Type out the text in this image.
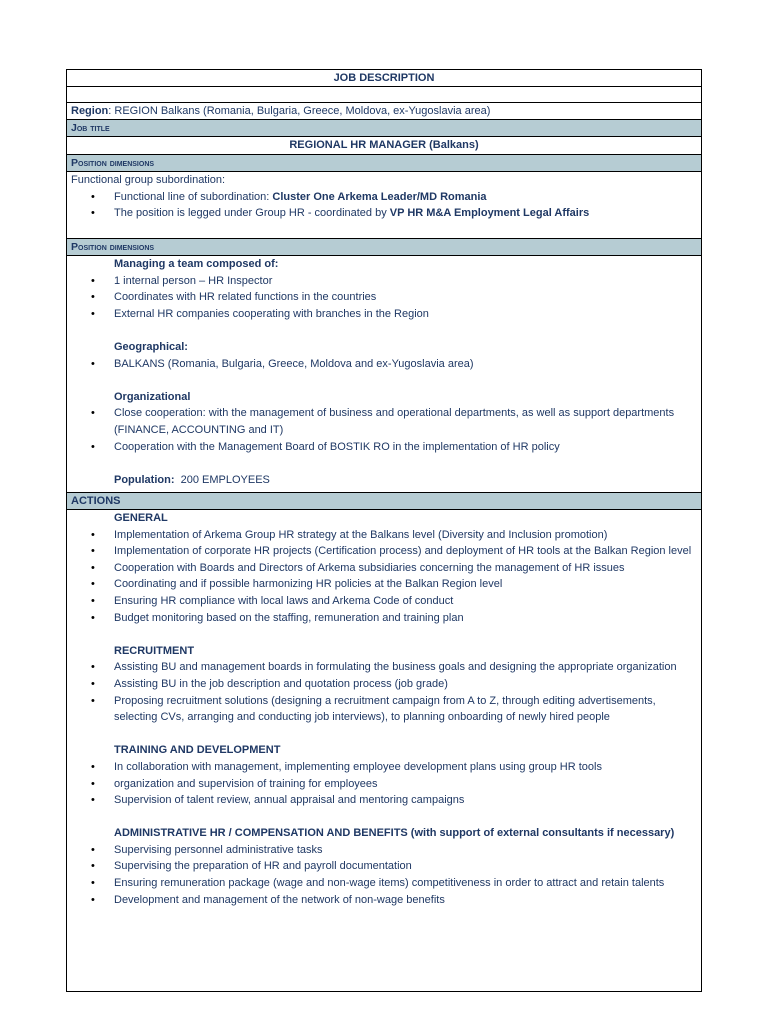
JOB DESCRIPTION
Region: REGION Balkans (Romania, Bulgaria, Greece, Moldova, ex-Yugoslavia area)
Job title
REGIONAL HR MANAGER (Balkans)
Position dimensions
Functional group subordination:
• Functional line of subordination: Cluster One Arkema Leader/MD Romania
• The position is legged under Group HR - coordinated by VP HR M&A Employment Legal Affairs
Position dimensions
Managing a team composed of:
• 1 internal person – HR Inspector
• Coordinates with HR related functions in the countries
• External HR companies cooperating with branches in the Region
Geographical:
• BALKANS (Romania, Bulgaria, Greece, Moldova and ex-Yugoslavia area)
Organizational
• Close cooperation: with the management of business and operational departments, as well as support departments (FINANCE, ACCOUNTING and IT)
• Cooperation with the Management Board of BOSTIK RO in the implementation of HR policy
Population: 200 EMPLOYEES
ACTIONS
GENERAL
• Implementation of Arkema Group HR strategy at the Balkans level (Diversity and Inclusion promotion)
• Implementation of corporate HR projects (Certification process) and deployment of HR tools at the Balkan Region level
• Cooperation with Boards and Directors of Arkema subsidiaries concerning the management of HR issues
• Coordinating and if possible harmonizing HR policies at the Balkan Region level
• Ensuring HR compliance with local laws and Arkema Code of conduct
• Budget monitoring based on the staffing, remuneration and training plan
RECRUITMENT
• Assisting BU and management boards in formulating the business goals and designing the appropriate organization
• Assisting BU in the job description and quotation process (job grade)
• Proposing recruitment solutions (designing a recruitment campaign from A to Z, through editing advertisements, selecting CVs, arranging and conducting job interviews), to planning onboarding of newly hired people
TRAINING AND DEVELOPMENT
• In collaboration with management, implementing employee development plans using group HR tools
• organization and supervision of training for employees
• Supervision of talent review, annual appraisal and mentoring campaigns
ADMINISTRATIVE HR / COMPENSATION AND BENEFITS (with support of external consultants if necessary)
• Supervising personnel administrative tasks
• Supervising the preparation of HR and payroll documentation
• Ensuring remuneration package (wage and non-wage items) competitiveness in order to attract and retain talents
• Development and management of the network of non-wage benefits
